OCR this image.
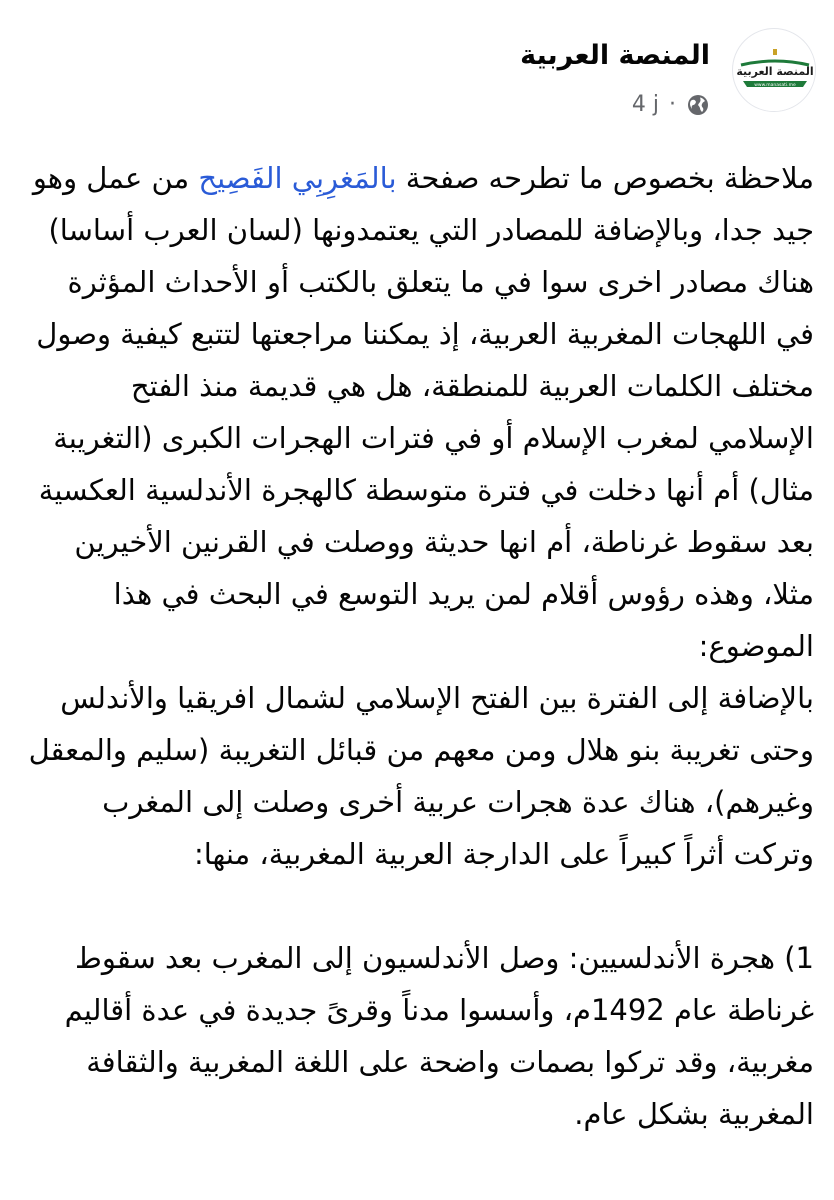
المنصة العربية
www.manasati.me
المنصة العربية
4 j ·

ملاحظة بخصوص ما تطرحه صفحة بالمَغرِبِي الفَصِيح من عمل وهو جيد جدا، وبالإضافة للمصادر التي يعتمدونها (لسان العرب أساسا) هناك مصادر اخرى سوا في ما يتعلق بالكتب أو الأحداث المؤثرة في اللهجات المغربية العربية، إذ يمكننا مراجعتها لتتبع كيفية وصول مختلف الكلمات العربية للمنطقة، هل هي قديمة منذ الفتح الإسلامي لمغرب الإسلام أو في فترات الهجرات الكبرى (التغريبة مثال) أم أنها دخلت في فترة متوسطة كالهجرة الأندلسية العكسية بعد سقوط غرناطة، أم انها حديثة ووصلت في القرنين الأخيرين مثلا، وهذه رؤوس أقلام لمن يريد التوسع في البحث في هذا الموضوع:

بالإضافة إلى الفترة بين الفتح الإسلامي لشمال افريقيا والأندلس وحتى تغريبة بنو هلال ومن معهم من قبائل التغريبة (سليم والمعقل وغيرهم)، هناك عدة هجرات عربية أخرى وصلت إلى المغرب وتركت أثراً كبيراً على الدارجة العربية المغربية، منها:

1) هجرة الأندلسيين: وصل الأندلسيون إلى المغرب بعد سقوط غرناطة عام 1492م، وأسسوا مدناً وقرىً جديدة في عدة أقاليم مغربية، وقد تركوا بصمات واضحة على اللغة المغربية والثقافة المغربية بشكل عام.
